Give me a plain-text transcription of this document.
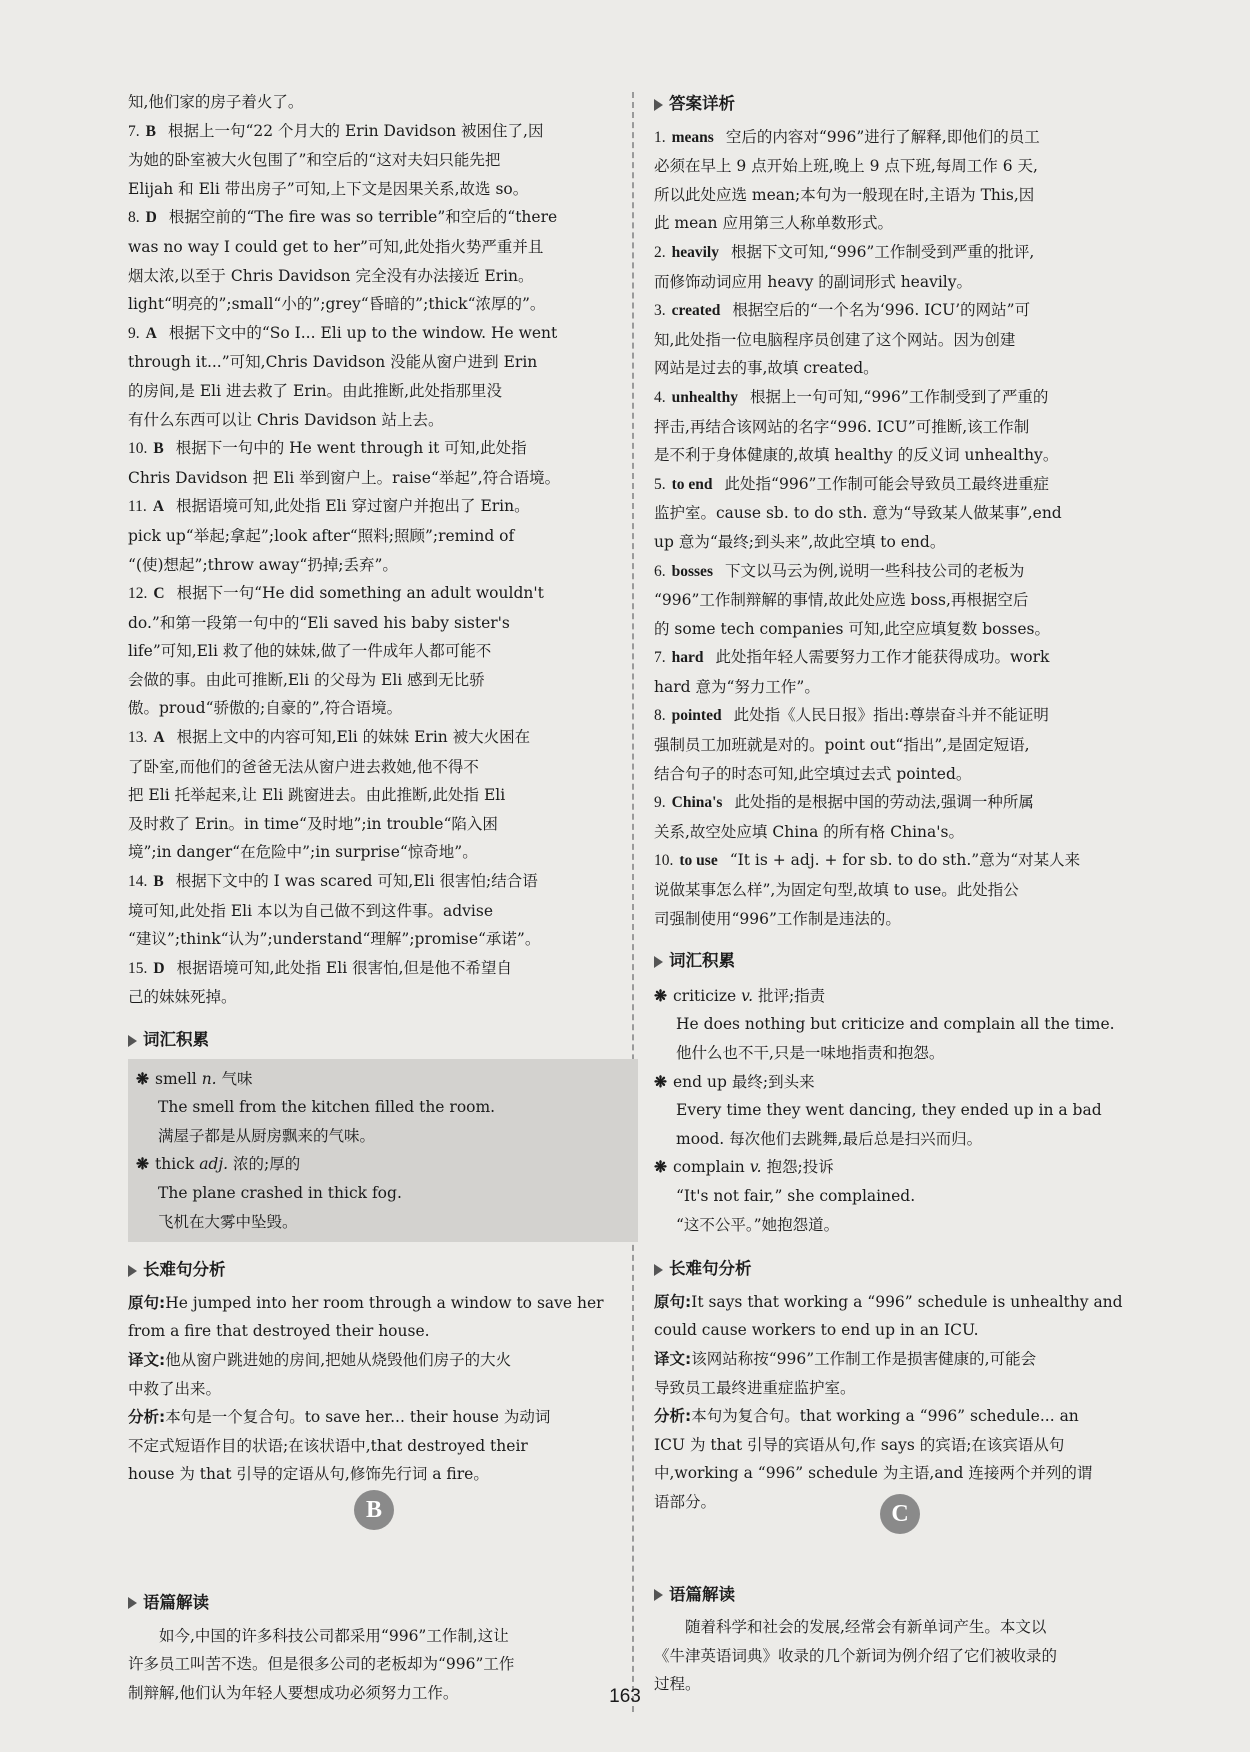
知,他们家的房子着火了。
7. B 根据上一句“22 个月大的 Erin Davidson 被困住了,因
为她的卧室被大火包围了”和空后的“这对夫妇只能先把
Elijah 和 Eli 带出房子”可知,上下文是因果关系,故选 so。
8. D 根据空前的“The fire was so terrible”和空后的“there
was no way I could get to her”可知,此处指火势严重并且
烟太浓,以至于 Chris Davidson 完全没有办法接近 Erin。
light“明亮的”;small“小的”;grey“昏暗的”;thick“浓厚的”。
9. A 根据下文中的“So I... Eli up to the window. He went
through it...”可知,Chris Davidson 没能从窗户进到 Erin
的房间,是 Eli 进去救了 Erin。由此推断,此处指那里没
有什么东西可以让 Chris Davidson 站上去。
10. B 根据下一句中的 He went through it 可知,此处指
Chris Davidson 把 Eli 举到窗户上。raise“举起”,符合语境。
11. A 根据语境可知,此处指 Eli 穿过窗户并抱出了 Erin。
pick up“举起;拿起”;look after“照料;照顾”;remind of
“(使)想起”;throw away“扔掉;丢弃”。
12. C 根据下一句“He did something an adult wouldn't
do.”和第一段第一句中的“Eli saved his baby sister's
life”可知,Eli 救了他的妹妹,做了一件成年人都可能不
会做的事。由此可推断,Eli 的父母为 Eli 感到无比骄
傲。proud“骄傲的;自豪的”,符合语境。
13. A 根据上文中的内容可知,Eli 的妹妹 Erin 被大火困在
了卧室,而他们的爸爸无法从窗户进去救她,他不得不
把 Eli 托举起来,让 Eli 跳窗进去。由此推断,此处指 Eli
及时救了 Erin。in time“及时地”;in trouble“陷入困
境”;in danger“在危险中”;in surprise“惊奇地”。
14. B 根据下文中的 I was scared 可知,Eli 很害怕;结合语
境可知,此处指 Eli 本以为自己做不到这件事。advise
“建议”;think“认为”;understand“理解”;promise“承诺”。
15. D 根据语境可知,此处指 Eli 很害怕,但是他不希望自
己的妹妹死掉。
词汇积累
❋ smell n. 气味
The smell from the kitchen filled the room.
满屋子都是从厨房飘来的气味。
❋ thick adj. 浓的;厚的
The plane crashed in thick fog.
飞机在大雾中坠毁。
长难句分析
原句:He jumped into her room through a window to save her
from a fire that destroyed their house.
译文:他从窗户跳进她的房间,把她从烧毁他们房子的大火
中救了出来。
分析:本句是一个复合句。to save her... their house 为动词
不定式短语作目的状语;在该状语中,that destroyed their
house 为 that 引导的定语从句,修饰先行词 a fire。
语篇解读
如今,中国的许多科技公司都采用“996”工作制,这让
许多员工叫苦不迭。但是很多公司的老板却为“996”工作
制辩解,他们认为年轻人要想成功必须努力工作。
答案详析
1. means 空后的内容对“996”进行了解释,即他们的员工
必须在早上 9 点开始上班,晚上 9 点下班,每周工作 6 天,
所以此处应选 mean;本句为一般现在时,主语为 This,因
此 mean 应用第三人称单数形式。
2. heavily 根据下文可知,“996”工作制受到严重的批评,
而修饰动词应用 heavy 的副词形式 heavily。
3. created 根据空后的“一个名为‘996. ICU’的网站”可
知,此处指一位电脑程序员创建了这个网站。因为创建
网站是过去的事,故填 created。
4. unhealthy 根据上一句可知,“996”工作制受到了严重的
抨击,再结合该网站的名字“996. ICU”可推断,该工作制
是不利于身体健康的,故填 healthy 的反义词 unhealthy。
5. to end 此处指“996”工作制可能会导致员工最终进重症
监护室。cause sb. to do sth. 意为“导致某人做某事”,end
up 意为“最终;到头来”,故此空填 to end。
6. bosses 下文以马云为例,说明一些科技公司的老板为
“996”工作制辩解的事情,故此处应选 boss,再根据空后
的 some tech companies 可知,此空应填复数 bosses。
7. hard 此处指年轻人需要努力工作才能获得成功。work
hard 意为“努力工作”。
8. pointed 此处指《人民日报》指出:尊崇奋斗并不能证明
强制员工加班就是对的。point out“指出”,是固定短语,
结合句子的时态可知,此空填过去式 pointed。
9. China's 此处指的是根据中国的劳动法,强调一种所属
关系,故空处应填 China 的所有格 China's。
10. to use “It is + adj. + for sb. to do sth.”意为“对某人来
说做某事怎么样”,为固定句型,故填 to use。此处指公
司强制使用“996”工作制是违法的。
词汇积累
❋ criticize v. 批评;指责
He does nothing but criticize and complain all the time.
他什么也不干,只是一味地指责和抱怨。
❋ end up 最终;到头来
Every time they went dancing, they ended up in a bad
mood. 每次他们去跳舞,最后总是扫兴而归。
❋ complain v. 抱怨;投诉
“It's not fair,” she complained.
“这不公平。”她抱怨道。
长难句分析
原句:It says that working a “996” schedule is unhealthy and
could cause workers to end up in an ICU.
译文:该网站称按“996”工作制工作是损害健康的,可能会
导致员工最终进重症监护室。
分析:本句为复合句。that working a “996” schedule... an
ICU 为 that 引导的宾语从句,作 says 的宾语;在该宾语从句
中,working a “996” schedule 为主语,and 连接两个并列的谓
语部分。
语篇解读
随着科学和社会的发展,经常会有新单词产生。本文以
《牛津英语词典》收录的几个新词为例介绍了它们被收录的
过程。
B	C
163
